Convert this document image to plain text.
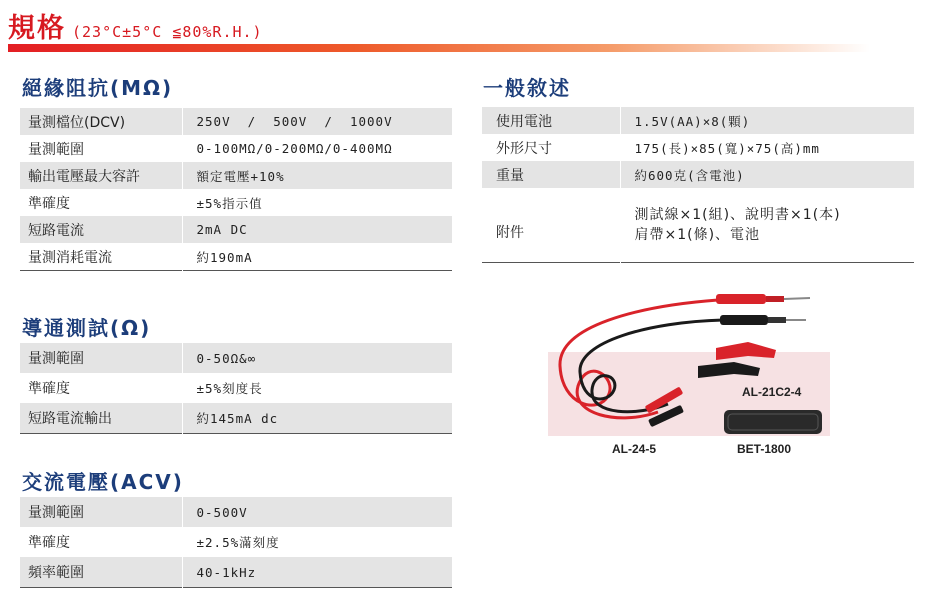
規格 (23°C±5°C ≦80%R.H.)
絕緣阻抗(MΩ)
量測檔位(DCV)	250V  /  500V  /  1000V
量測範圍	0-100MΩ/0-200MΩ/0-400MΩ
輸出電壓最大容許	額定電壓+10%
準確度	±5%指示值
短路電流	2mA DC
量測消耗電流	約190mA
導通測試(Ω)
量測範圍	0-50Ω&∞
準確度	±5%刻度長
短路電流輸出	約145mA dc
交流電壓(ACV)
量測範圍	0-500V
準確度	±2.5%滿刻度
頻率範圍	40-1kHz
一般敘述
使用電池	1.5V(AA)×8(顆)
外形尺寸	175(長)×85(寬)×75(高)mm
重量	約600克(含電池)
附件	測試線×1(組)、說明書×1(本)
肩帶×1(條)、電池
AL-21C2-4
AL-24-5	BET-1800
